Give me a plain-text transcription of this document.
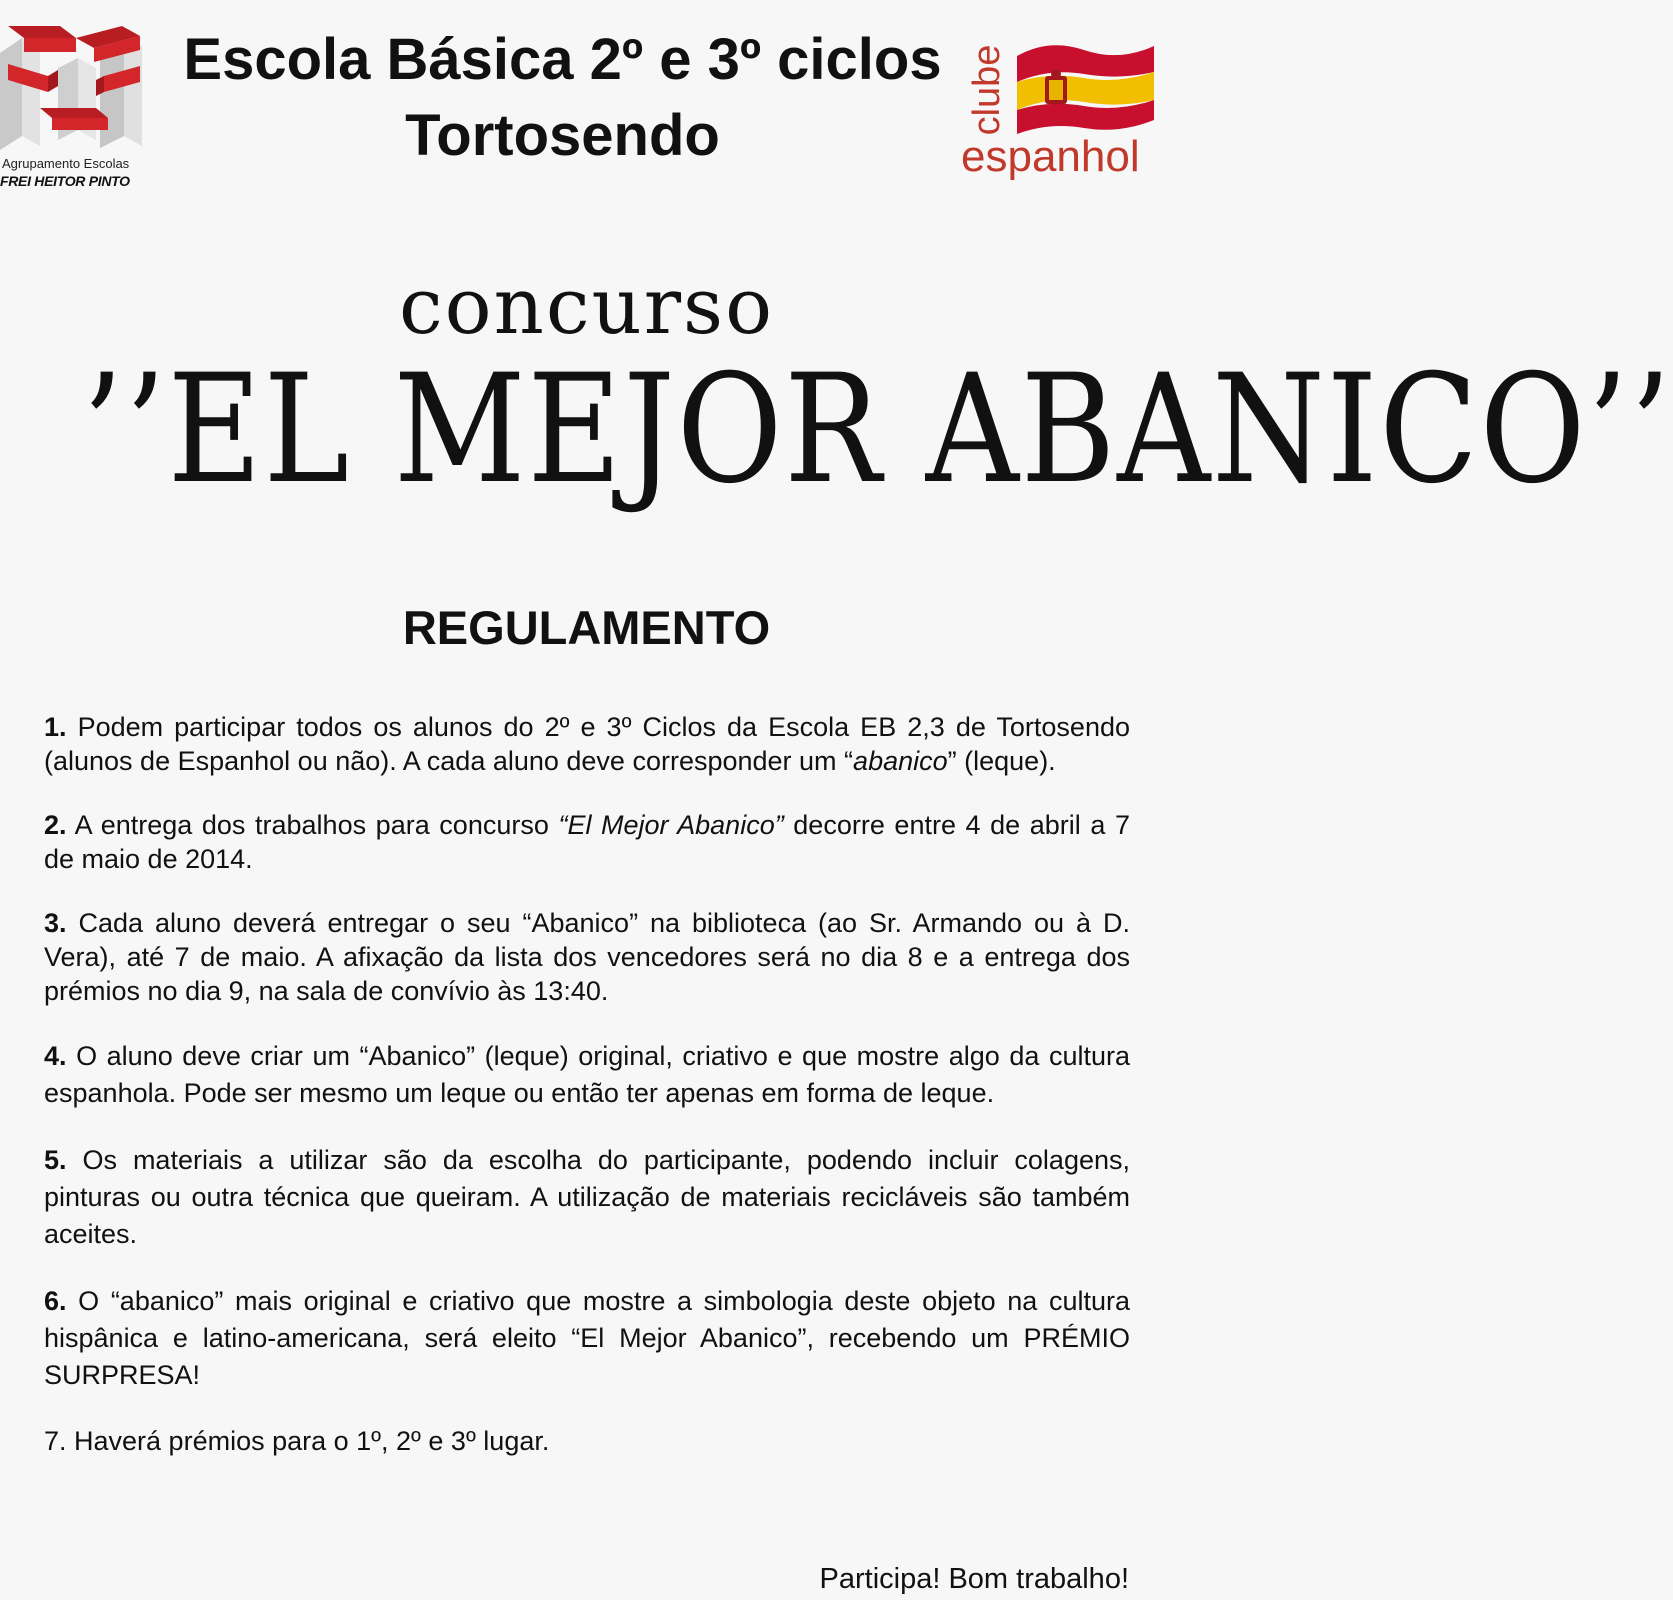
Agrupamento Escolas
FREI HEITOR PINTO
Escola Básica 2º e 3º ciclos
Tortosendo
clube
espanhol
concurso
’’EL MEJOR ABANICO’’
REGULAMENTO

1. Podem participar todos os alunos do 2º e 3º Ciclos da Escola EB 2,3 de Tortosendo (alunos de Espanhol ou não). A cada aluno deve corresponder um “abanico” (leque).

2. A entrega dos trabalhos para concurso “El Mejor Abanico” decorre entre 4 de abril a 7 de maio de 2014.

3. Cada aluno deverá entregar o seu “Abanico” na biblioteca (ao Sr. Armando ou à D. Vera), até 7 de maio. A afixação da lista dos vencedores será no dia 8 e a entrega dos prémios no dia 9, na sala de convívio às 13:40.

4. O aluno deve criar um “Abanico” (leque) original, criativo e que mostre algo da cultura espanhola. Pode ser mesmo um leque ou então ter apenas em forma de leque.

5. Os materiais a utilizar são da escolha do participante, podendo incluir colagens, pinturas ou outra técnica que queiram. A utilização de materiais recicláveis são também aceites.

6. O “abanico” mais original e criativo que mostre a simbologia deste objeto na cultura hispânica e latino-americana, será eleito “El Mejor Abanico”, recebendo um PRÉMIO SURPRESA!

7. Haverá prémios para o 1º, 2º e 3º lugar.

Participa! Bom trabalho!
